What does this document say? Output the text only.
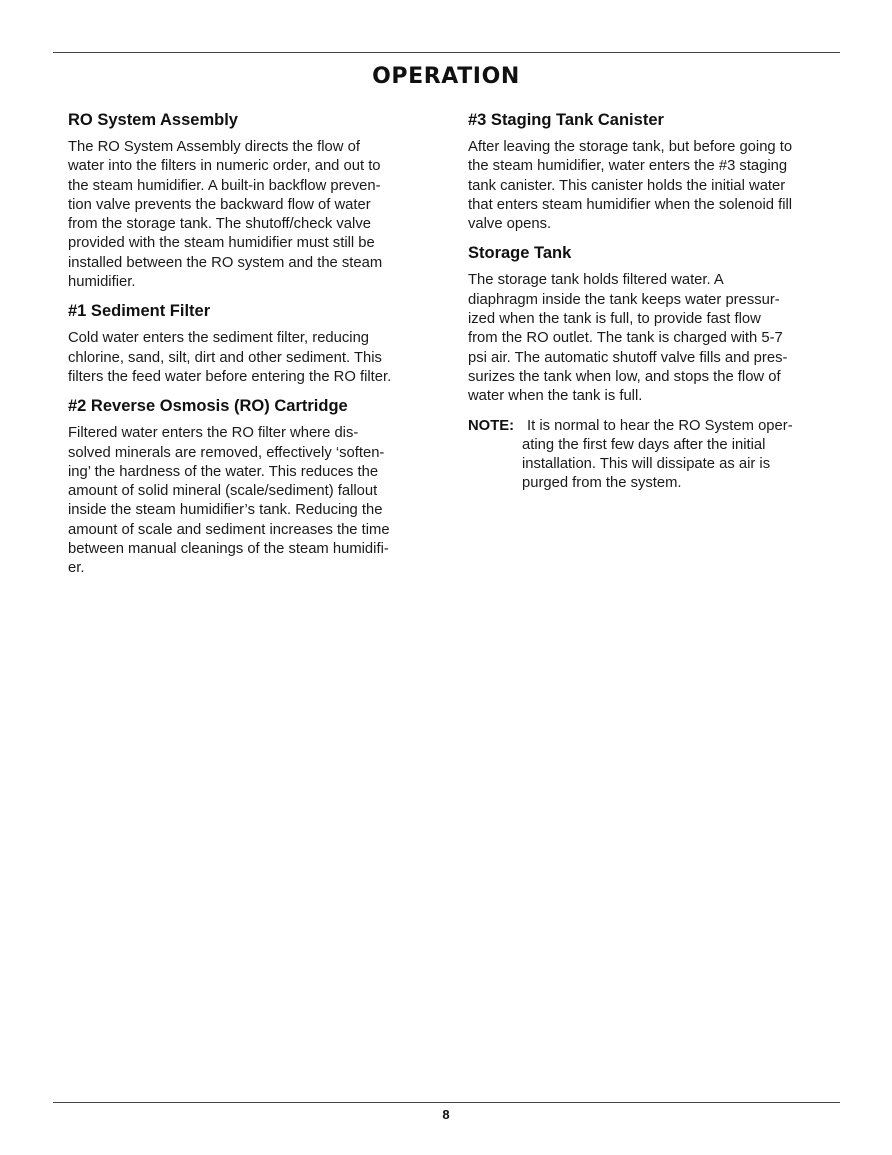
OPERATION
RO System Assembly
The RO System Assembly directs the flow of
water into the filters in numeric order, and out to
the steam humidifier. A built-in backflow preven-
tion valve prevents the backward flow of water
from the storage tank. The shutoff/check valve
provided with the steam humidifier must still be
installed between the RO system and the steam
humidifier.
#1 Sediment Filter
Cold water enters the sediment filter, reducing
chlorine, sand, silt, dirt and other sediment. This
filters the feed water before entering the RO filter.
#2 Reverse Osmosis (RO) Cartridge
Filtered water enters the RO filter where dis-
solved minerals are removed, effectively ‘soften-
ing’ the hardness of the water. This reduces the
amount of solid mineral (scale/sediment) fallout
inside the steam humidifier’s tank. Reducing the
amount of scale and sediment increases the time
between manual cleanings of the steam humidifi-
er.
#3 Staging Tank Canister
After leaving the storage tank, but before going to
the steam humidifier, water enters the #3 staging
tank canister. This canister holds the initial water
that enters steam humidifier when the solenoid fill
valve opens.
Storage Tank
The storage tank holds filtered water. A
diaphragm inside the tank keeps water pressur-
ized when the tank is full, to provide fast flow
from the RO outlet. The tank is charged with 5-7
psi air. The automatic shutoff valve fills and pres-
surizes the tank when low, and stops the flow of
water when the tank is full.
NOTE: It is normal to hear the RO System oper-
ating the first few days after the initial
installation. This will dissipate as air is
purged from the system.
8
